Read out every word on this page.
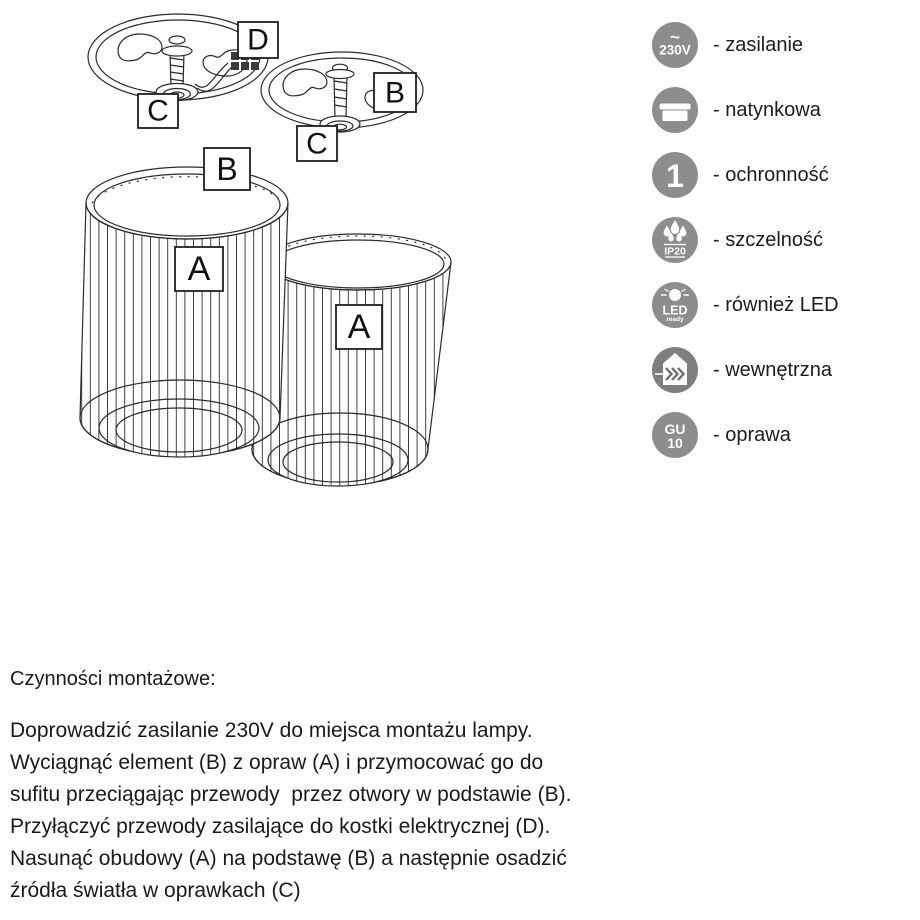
D
C
B
C
B
A
A
~
230V - zasilanie
- natynkowa
1 - ochronność
IP20
- szczelność
LED
ready
- również LED
- wewnętrzna
GU
10 - oprawa

Czynności montażowe:

Doprowadzić zasilanie 230V do miejsca montażu lampy.
Wyciągnąć element (B) z opraw (A) i przymocować go do
sufitu przeciągając przewody  przez otwory w podstawie (B).
Przyłączyć przewody zasilające do kostki elektrycznej (D).
Nasunąć obudowy (A) na podstawę (B) a następnie osadzić
źródła światła w oprawkach (C)
